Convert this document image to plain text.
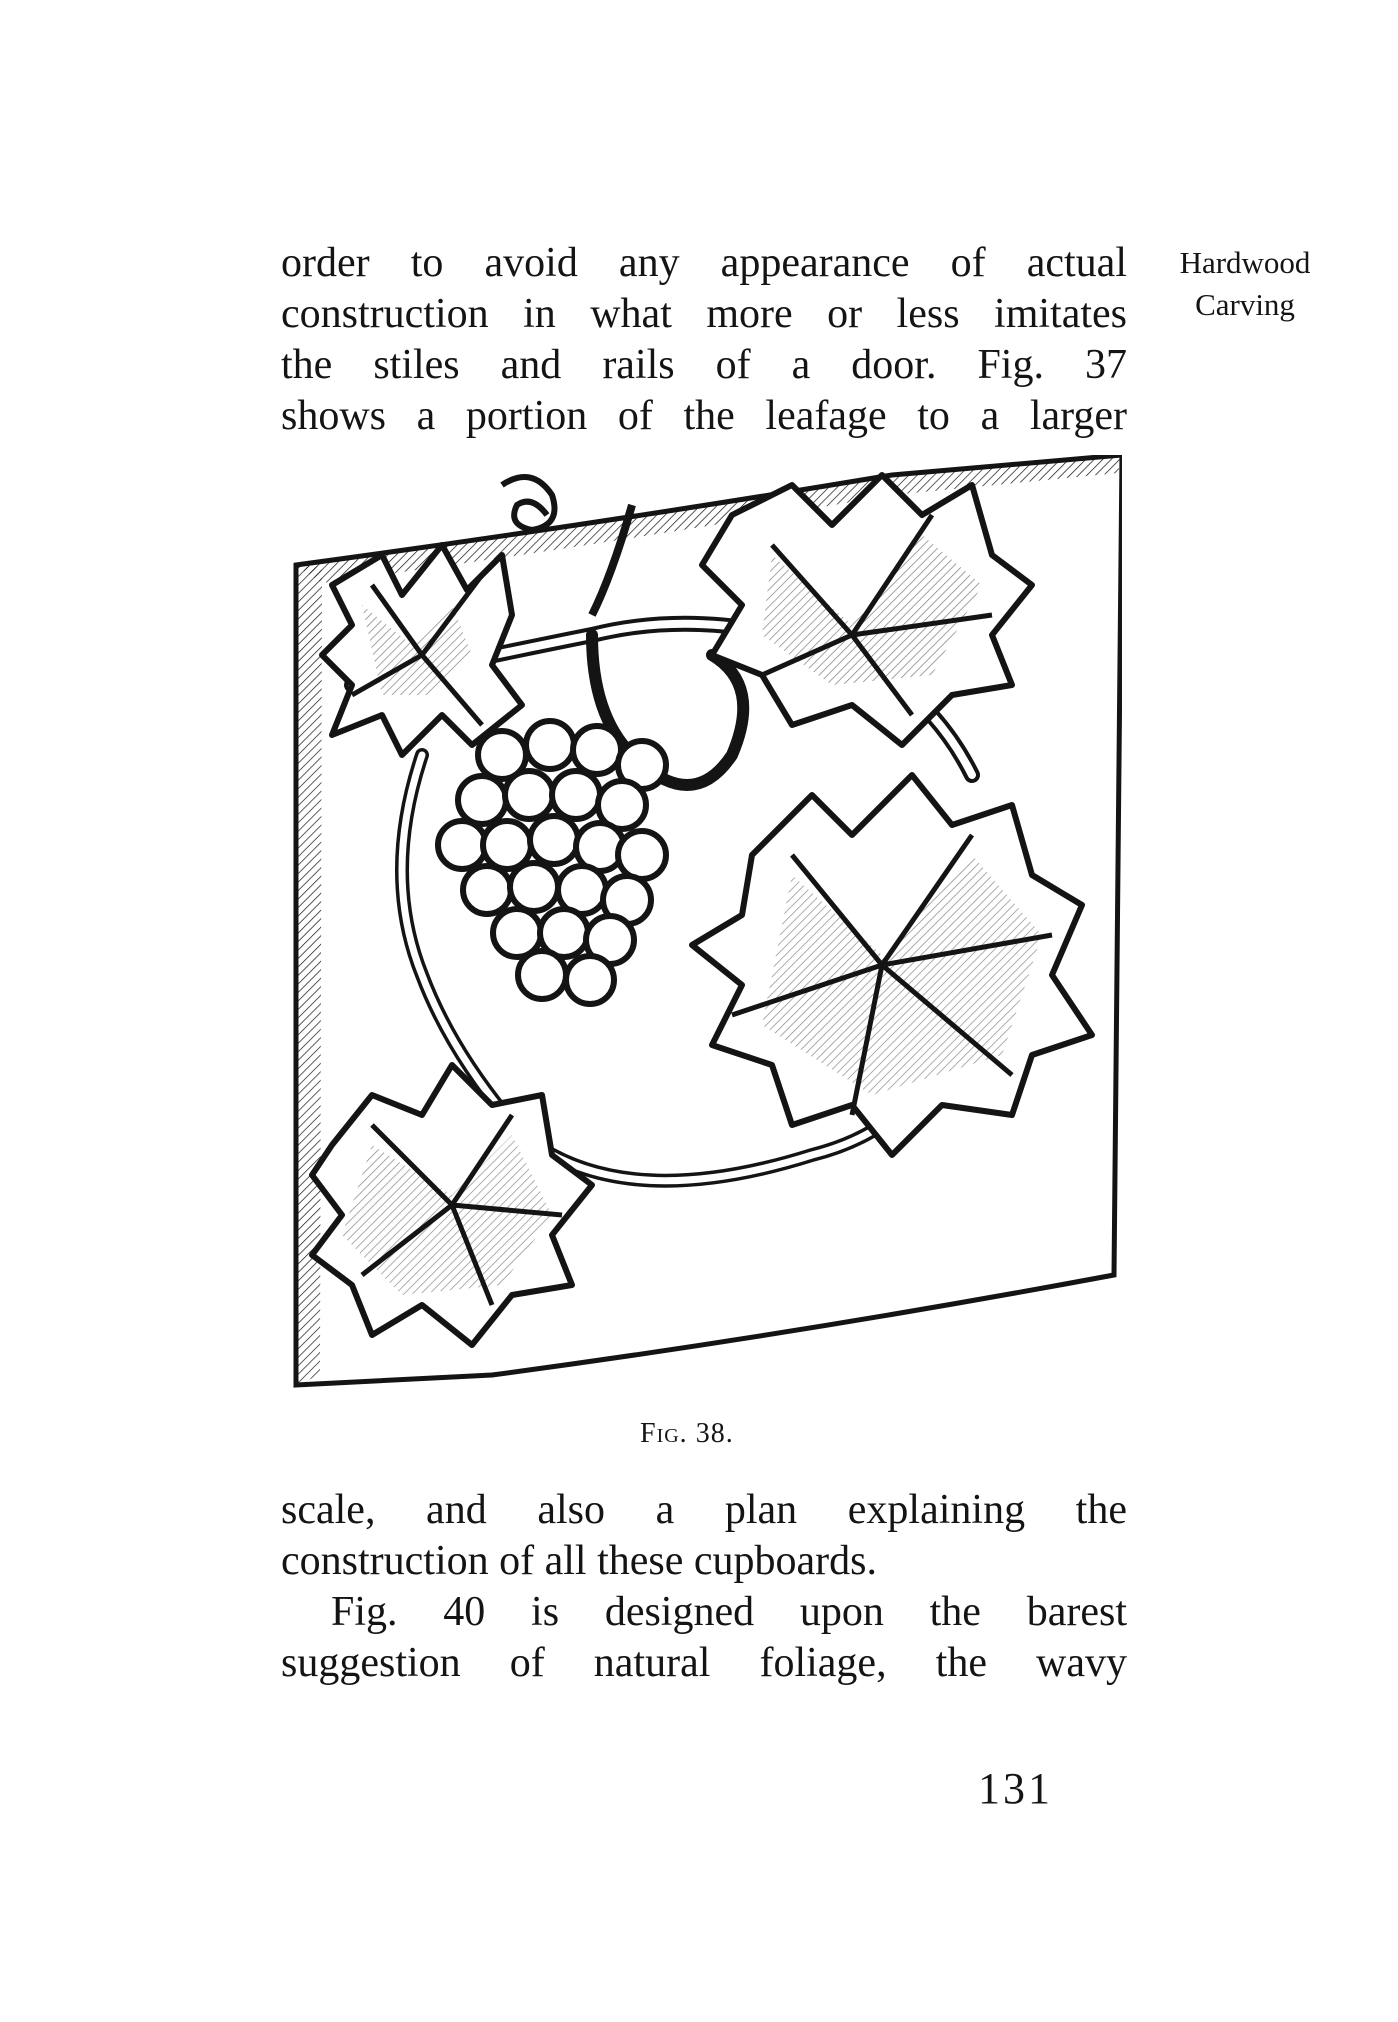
order to avoid any appearance of actual
construction in what more or less imitates
the stiles and rails of a door. Fig. 37
shows a portion of the leafage to a larger
Hardwood
Carving
Fig. 38.
scale, and also a plan explaining the
construction of all these cupboards.
Fig. 40 is designed upon the barest
suggestion of natural foliage, the wavy
131
